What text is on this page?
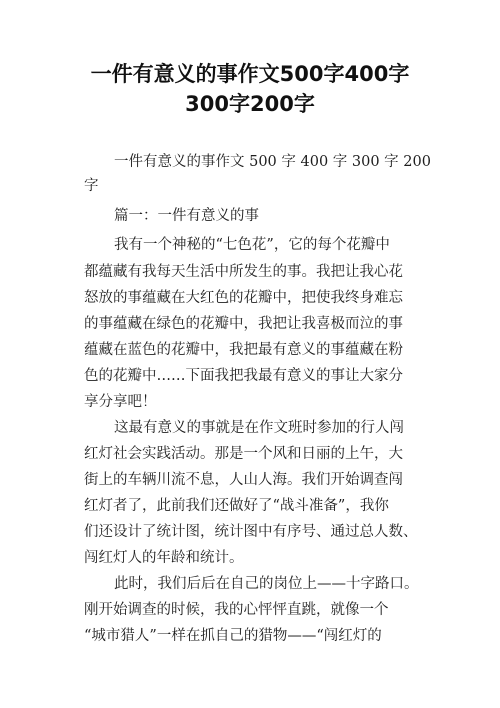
一件有意义的事作文500字400字
300字200字
一件有意义的事作文 500 字 400 字 300 字 200
字
篇一：一件有意义的事
我有一个神秘的“七色花”，它的每个花瓣中
都蕴藏有我每天生活中所发生的事。我把让我心花
怒放的事蕴藏在大红色的花瓣中，把使我终身难忘
的事蕴藏在绿色的花瓣中，我把让我喜极而泣的事
蕴藏在蓝色的花瓣中，我把最有意义的事蕴藏在粉
色的花瓣中……下面我把我最有意义的事让大家分
享分享吧！
这最有意义的事就是在作文班时参加的行人闯
红灯社会实践活动。那是一个风和日丽的上午，大
街上的车辆川流不息，人山人海。我们开始调查闯
红灯者了，此前我们还做好了“战斗准备”，我你
们还设计了统计图，统计图中有序号、通过总人数、
闯红灯人的年龄和统计。
此时，我们后后在自己的岗位上——十字路口。
刚开始调查的时候，我的心怦怦直跳，就像一个
“城市猎人”一样在抓自己的猎物——“闯红灯的
